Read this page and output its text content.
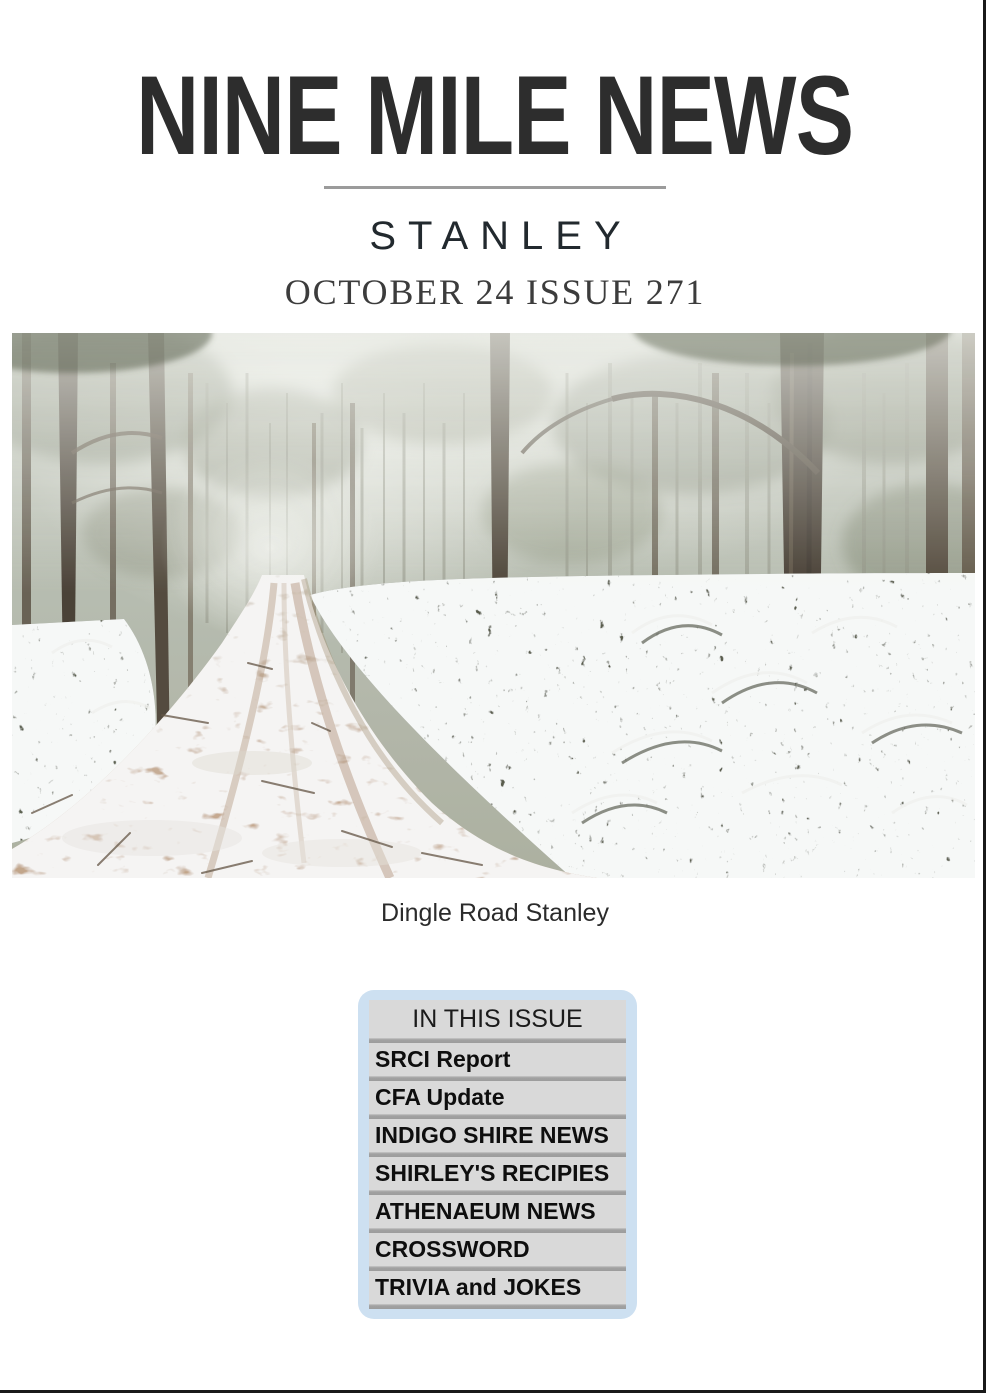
NINE MILE NEWS
STANLEY
OCTOBER 24 ISSUE 271
Dingle Road Stanley
IN THIS ISSUE
SRCI Report
CFA Update
INDIGO SHIRE NEWS
SHIRLEY'S RECIPIES
ATHENAEUM NEWS
CROSSWORD
TRIVIA and JOKES
